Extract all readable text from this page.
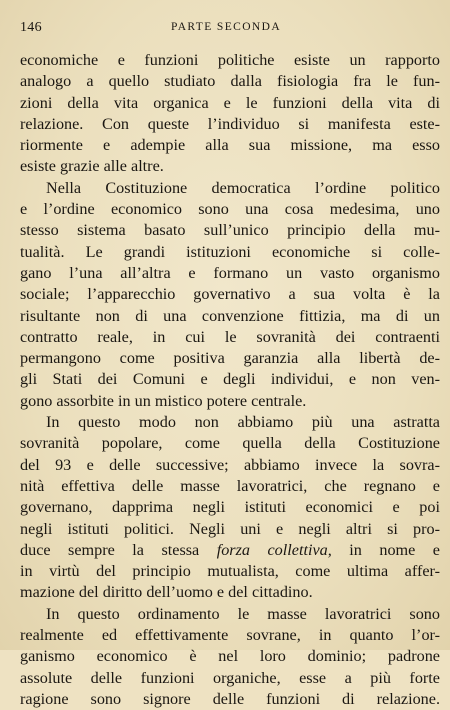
146	PARTE SECONDA
economiche e funzioni politiche esiste un rapporto
analogo a quello studiato dalla fisiologia fra le fun-
zioni della vita organica e le funzioni della vita di
relazione. Con queste l’individuo si manifesta este-
riormente e adempie alla sua missione, ma esso
esiste grazie alle altre.
Nella Costituzione democratica l’ordine politico
e l’ordine economico sono una cosa medesima, uno
stesso sistema basato sull’unico principio della mu-
tualità. Le grandi istituzioni economiche si colle-
gano l’una all’altra e formano un vasto organismo
sociale; l’apparecchio governativo a sua volta è la
risultante non di una convenzione fittizia, ma di un
contratto reale, in cui le sovranità dei contraenti
permangono come positiva garanzia alla libertà de-
gli Stati dei Comuni e degli individui, e non ven-
gono assorbite in un mistico potere centrale.
In questo modo non abbiamo più una astratta
sovranità popolare, come quella della Costituzione
del 93 e delle successive; abbiamo invece la sovra-
nità effettiva delle masse lavoratrici, che regnano e
governano, dapprima negli istituti economici e poi
negli istituti politici. Negli uni e negli altri si pro-
duce sempre la stessa forza collettiva, in nome e
in virtù del principio mutualista, come ultima affer-
mazione del diritto dell’uomo e del cittadino.
In questo ordinamento le masse lavoratrici sono
realmente ed effettivamente sovrane, in quanto l’or-
ganismo economico è nel loro dominio; padrone
assolute delle funzioni organiche, esse a più forte
ragione sono signore delle funzioni di relazione.
